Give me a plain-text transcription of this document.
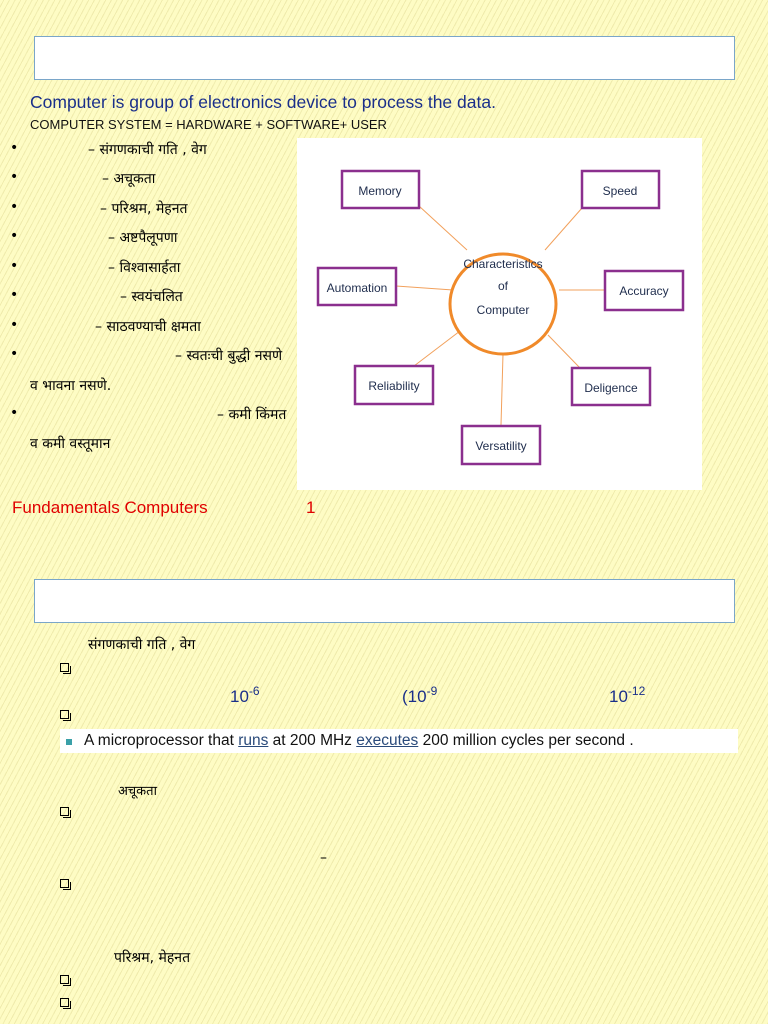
Computer is group of electronics device to process the data.
COMPUTER SYSTEM = HARDWARE + SOFTWARE+ USER
•	– संगणकाची गति , वेग
•	– अचूकता
•	– परिश्रम, मेहनत
•	– अष्टपैलूपणा
•	– विश्वासार्हता
•	– स्वयंचलित
•	– साठवण्याची क्षमता
•	– स्वतःची बुद्धी नसणे
व भावना नसणे.
•	– कमी किंमत
व कमी वस्तूमान
Characteristics
of
Computer
Memory	Speed
Automation	Accuracy
Reliability	Deligence
Versatility
Fundamentals Computers	1
संगणकाची गति , वेग
$10^{-6}$	($10^{-9}$	$10^{-12}$
A microprocessor that runs at 200 MHz executes 200 million cycles per second .
अचूकता
–
परिश्रम, मेहनत
